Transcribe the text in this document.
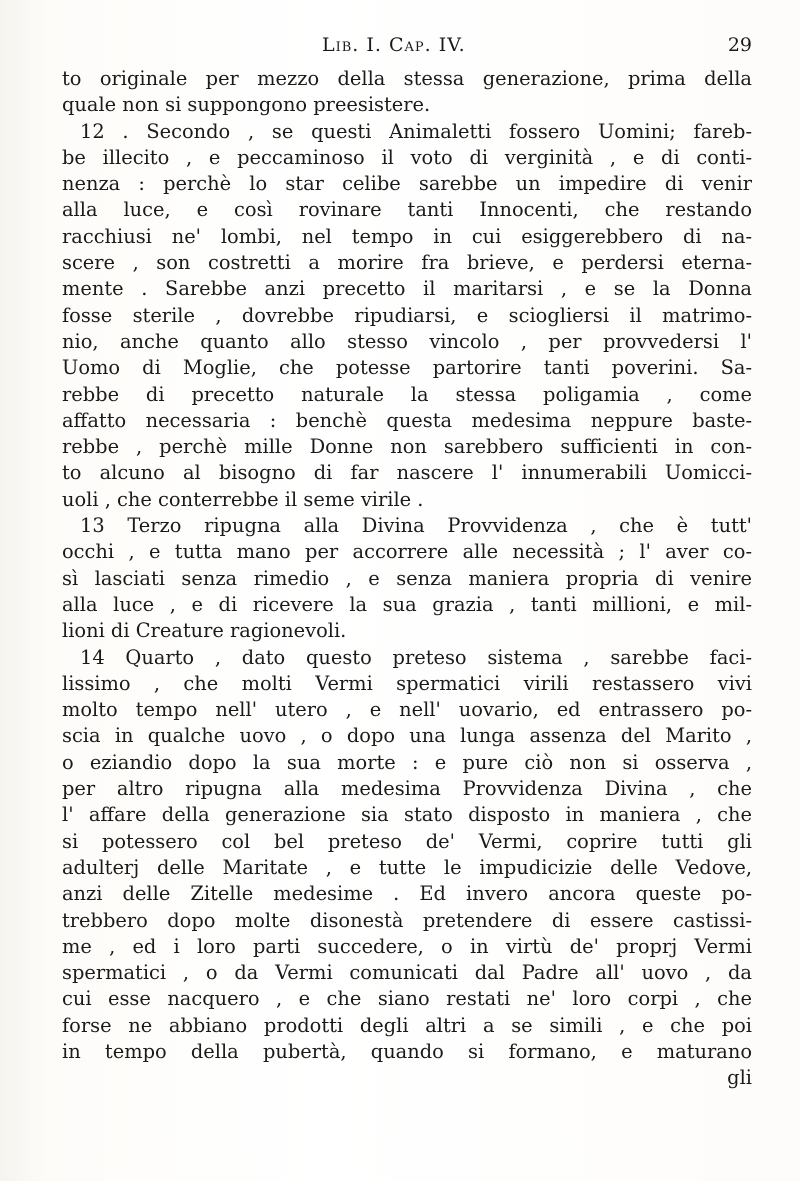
Lib. I. Cap. IV.	29
to originale per mezzo della stessa generazione, prima della
quale non si suppongono preesistere.
12 . Secondo , se questi Animaletti fossero Uomini; fareb-
be illecito , e peccaminoso il voto di verginità , e di conti-
nenza : perchè lo star celibe sarebbe un impedire di venir
alla luce, e così rovinare tanti Innocenti, che restando
racchiusi ne' lombi, nel tempo in cui esiggerebbero di na-
scere , son costretti a morire fra brieve, e perdersi eterna-
mente . Sarebbe anzi precetto il maritarsi , e se la Donna
fosse sterile , dovrebbe ripudiarsi, e sciogliersi il matrimo-
nio, anche quanto allo stesso vincolo , per provvedersi l'
Uomo di Moglie, che potesse partorire tanti poverini. Sa-
rebbe di precetto naturale la stessa poligamia , come
affatto necessaria : benchè questa medesima neppure baste-
rebbe , perchè mille Donne non sarebbero sufficienti in con-
to alcuno al bisogno di far nascere l' innumerabili Uomicci-
uoli , che conterrebbe il seme virile .
13 Terzo ripugna alla Divina Provvidenza , che è tutt'
occhi , e tutta mano per accorrere alle necessità ; l' aver co-
sì lasciati senza rimedio , e senza maniera propria di venire
alla luce , e di ricevere la sua grazia , tanti millioni, e mil-
lioni di Creature ragionevoli.
14 Quarto , dato questo preteso sistema , sarebbe faci-
lissimo , che molti Vermi spermatici virili restassero vivi
molto tempo nell' utero , e nell' uovario, ed entrassero po-
scia in qualche uovo , o dopo una lunga assenza del Marito ,
o eziandio dopo la sua morte : e pure ciò non si osserva ,
per altro ripugna alla medesima Provvidenza Divina , che
l' affare della generazione sia stato disposto in maniera , che
si potessero col bel preteso de' Vermi, coprire tutti gli
adulterj delle Maritate , e tutte le impudicizie delle Vedove,
anzi delle Zitelle medesime . Ed invero ancora queste po-
trebbero dopo molte disonestà pretendere di essere castissi-
me , ed i loro parti succedere, o in virtù de' proprj Vermi
spermatici , o da Vermi comunicati dal Padre all' uovo , da
cui esse nacquero , e che siano restati ne' loro corpi , che
forse ne abbiano prodotti degli altri a se simili , e che poi
in tempo della pubertà, quando si formano, e maturano
gli
